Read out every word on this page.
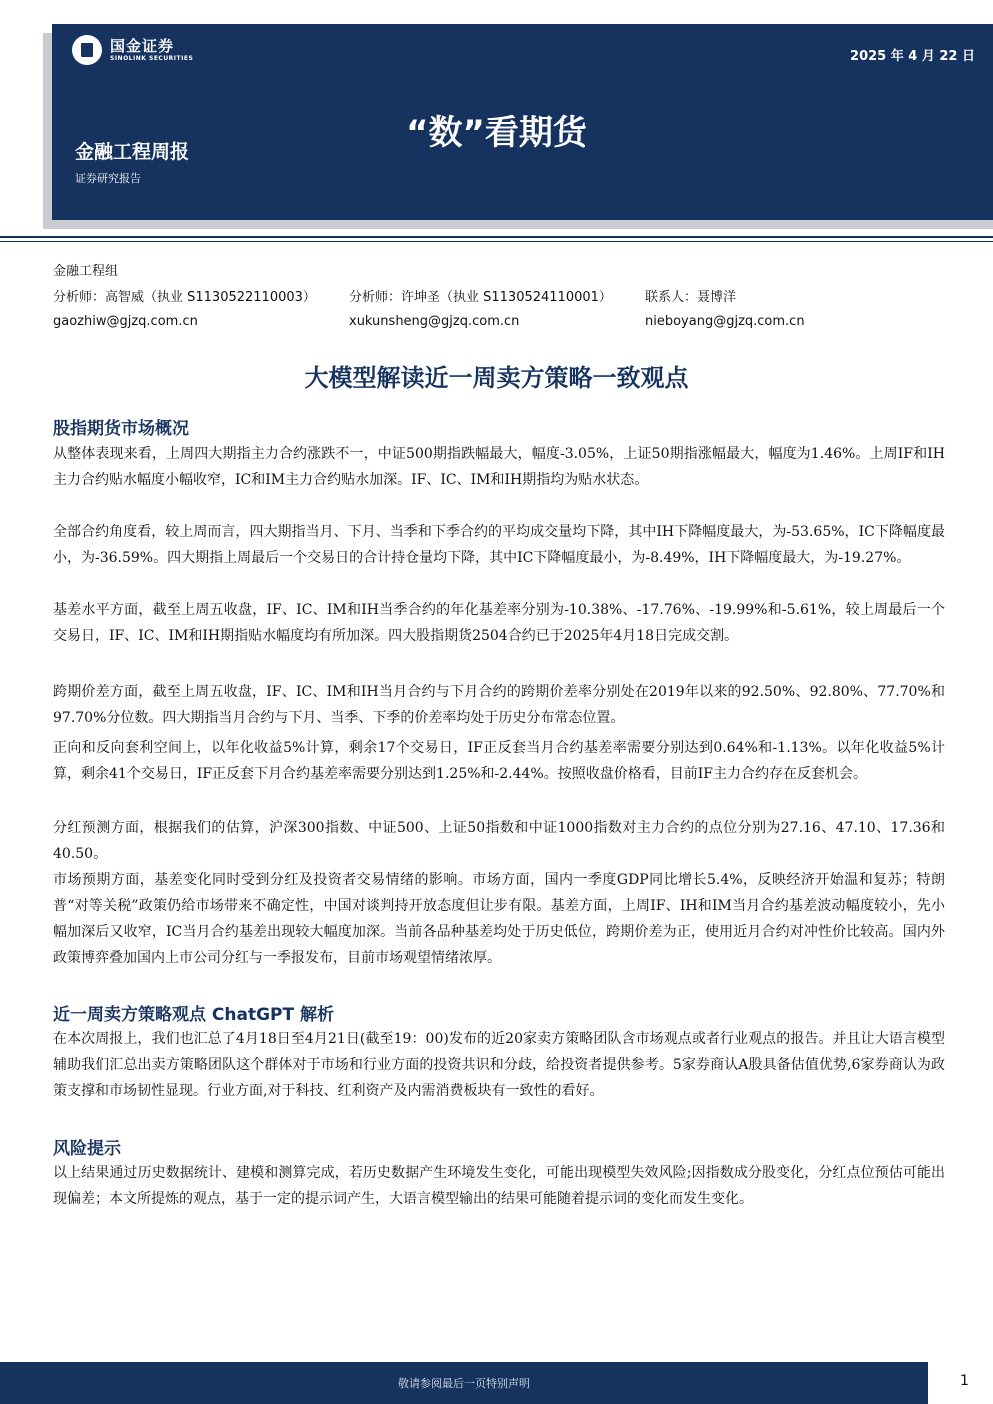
国金证券
SINOLINK SECURITIES	2025 年 4 月 22 日
“数”看期货
金融工程周报
证券研究报告
金融工程组
分析师：高智威（执业 S1130522110003）	分析师：许坤圣（执业 S1130524110001）	联系人：聂博洋
gaozhiw@gjzq.com.cn	xukunsheng@gjzq.com.cn	nieboyang@gjzq.com.cn
大模型解读近一周卖方策略一致观点
股指期货市场概况

从整体表现来看，上周四大期指主力合约涨跌不一，中证500期指跌幅最大，幅度-3.05%，上证50期指涨幅最大，幅度为1.46%。上周IF和IH主力合约贴水幅度小幅收窄，IC和IM主力合约贴水加深。IF、IC、IM和IH期指均为贴水状态。

全部合约角度看，较上周而言，四大期指当月、下月、当季和下季合约的平均成交量均下降，其中IH下降幅度最大，为-53.65%，IC下降幅度最小，为-36.59%。四大期指上周最后一个交易日的合计持仓量均下降，其中IC下降幅度最小，为-8.49%，IH下降幅度最大，为-19.27%。

基差水平方面，截至上周五收盘，IF、IC、IM和IH当季合约的年化基差率分别为-10.38%、-17.76%、-19.99%和-5.61%，较上周最后一个交易日，IF、IC、IM和IH期指贴水幅度均有所加深。四大股指期货2504合约已于2025年4月18日完成交割。

跨期价差方面，截至上周五收盘，IF、IC、IM和IH当月合约与下月合约的跨期价差率分别处在2019年以来的92.50%、92.80%、77.70%和97.70%分位数。四大期指当月合约与下月、当季、下季的价差率均处于历史分布常态位置。

正向和反向套利空间上，以年化收益5%计算，剩余17个交易日，IF正反套当月合约基差率需要分别达到0.64%和-1.13%。以年化收益5%计算，剩余41个交易日，IF正反套下月合约基差率需要分别达到1.25%和-2.44%。按照收盘价格看，目前IF主力合约存在反套机会。

分红预测方面，根据我们的估算，沪深300指数、中证500、上证50指数和中证1000指数对主力合约的点位分别为27.16、47.10、17.36和40.50。

市场预期方面，基差变化同时受到分红及投资者交易情绪的影响。市场方面，国内一季度GDP同比增长5.4%，反映经济开始温和复苏；特朗普“对等关税”政策仍给市场带来不确定性，中国对谈判持开放态度但让步有限。基差方面，上周IF、IH和IM当月合约基差波动幅度较小，先小幅加深后又收窄，IC当月合约基差出现较大幅度加深。当前各品种基差均处于历史低位，跨期价差为正，使用近月合约对冲性价比较高。国内外政策博弈叠加国内上市公司分红与一季报发布，目前市场观望情绪浓厚。

近一周卖方策略观点 ChatGPT 解析

在本次周报上，我们也汇总了4月18日至4月21日(截至19：00)发布的近20家卖方策略团队含市场观点或者行业观点的报告。并且让大语言模型辅助我们汇总出卖方策略团队这个群体对于市场和行业方面的投资共识和分歧，给投资者提供参考。5家券商认A股具备估值优势,6家券商认为政策支撑和市场韧性显现。行业方面,对于科技、红利资产及内需消费板块有一致性的看好。

风险提示

以上结果通过历史数据统计、建模和测算完成，若历史数据产生环境发生变化，可能出现模型失效风险;因指数成分股变化，分红点位预估可能出现偏差；本文所提炼的观点，基于一定的提示词产生，大语言模型输出的结果可能随着提示词的变化而发生变化。

敬请参阅最后一页特别声明	1
